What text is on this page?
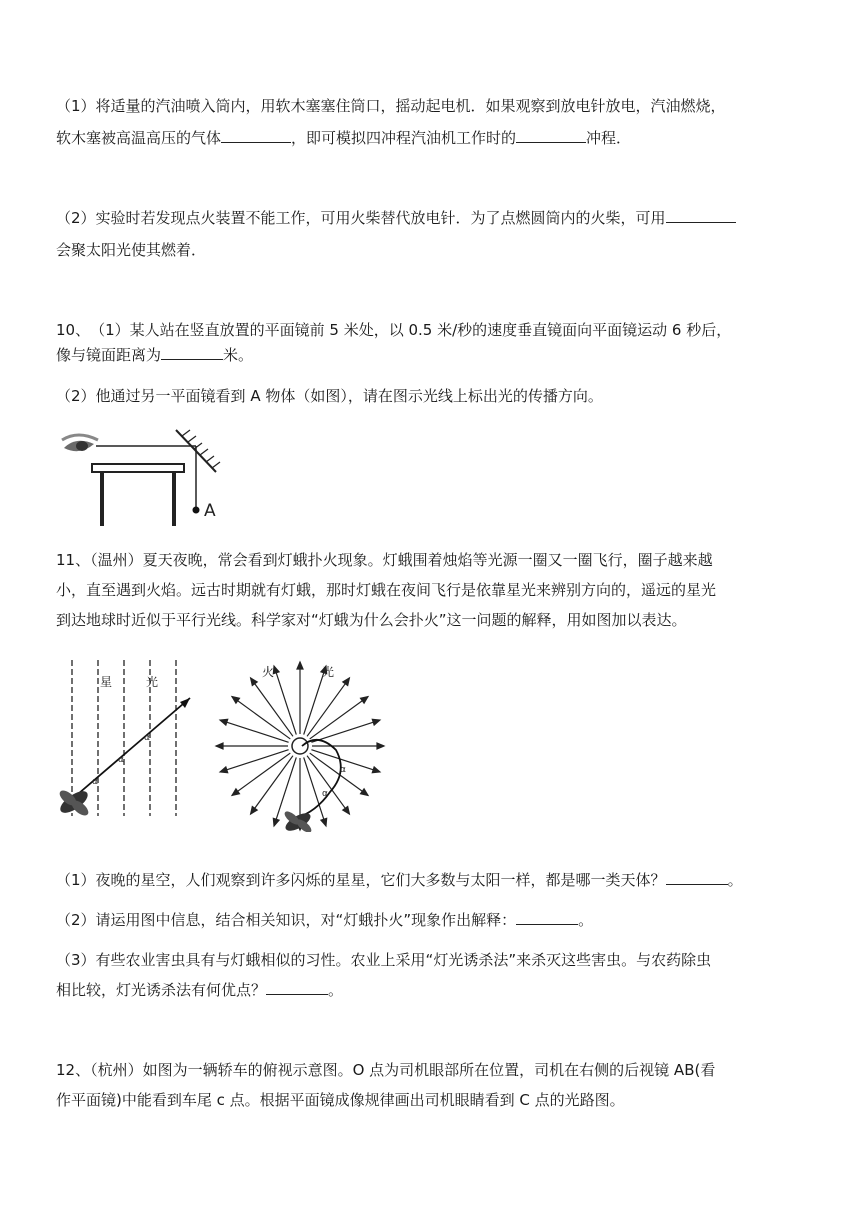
（1）将适量的汽油喷入筒内，用软木塞塞住筒口，摇动起电机．如果观察到放电针放电，汽油燃烧，
软木塞被高温高压的气体	，即可模拟四冲程汽油机工作时的	冲程．
（2）实验时若发现点火装置不能工作，可用火柴替代放电针．为了点燃圆筒内的火柴，可用
会聚太阳光使其燃着．
10、　（1）某人站在竖直放置的平面镜前 5 米处，以 0.5 米/秒的速度垂直镜面向平面镜运动 6 秒后，
像与镜面距离为	米。
（2）他通过另一平面镜看到 A 物体（如图），请在图示光线上标出光的传播方向。
A
11、（温州）夏天夜晚，常会看到灯蛾扑火现象。灯蛾围着烛焰等光源一圈又一圈飞行，圈子越来越
小，直至遇到火焰。远古时期就有灯蛾，那时灯蛾在夜间飞行是依靠星光来辨别方向的，遥远的星光
到达地球时近似于平行光线。科学家对“灯蛾为什么会扑火”这一问题的解释，用如图加以表达。
星	光
α
α
α
火	光
α
α
（1）夜晚的星空，人们观察到许多闪烁的星星，它们大多数与太阳一样，都是哪一类天体？	。
（2）请运用图中信息，结合相关知识，对“灯蛾扑火”现象作出解释：	。
（3）有些农业害虫具有与灯蛾相似的习性。农业上采用“灯光诱杀法”来杀灭这些害虫。与农药除虫
相比较，灯光诱杀法有何优点？	。
12、（杭州）如图为一辆轿车的俯视示意图。O 点为司机眼部所在位置，司机在右侧的后视镜 AB(看
作平面镜)中能看到车尾 c 点。根据平面镜成像规律画出司机眼睛看到 C 点的光路图。
